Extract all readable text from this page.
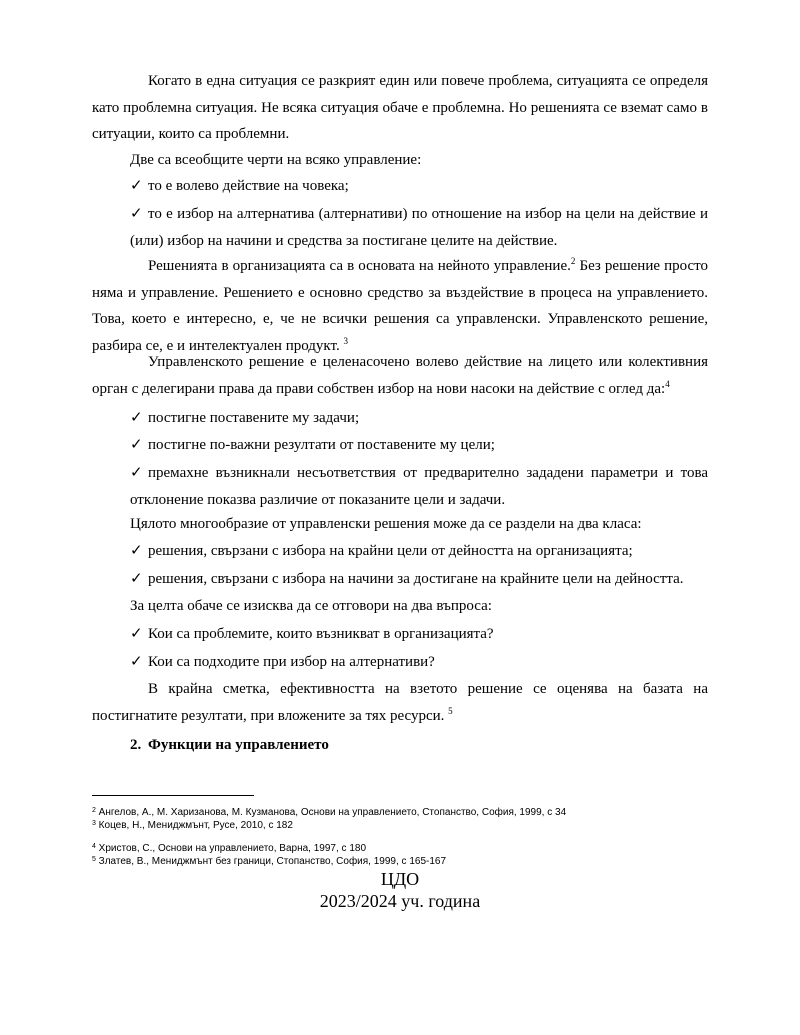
Когато в една ситуация се разкрият един или повече проблема, ситуацията се определя като проблемна ситуация. Не всяка ситуация обаче е проблемна. Но решенията се вземат само в ситуации, които са проблемни.

Две са всеобщите черти на всяко управление:

✓ то е волево действие на човека;

✓ то е избор на алтернатива (алтернативи) по отношение на избор на цели на действие и (или) избор на начини и средства за постигане целите на действие.

Решенията в организацията са в основата на нейното управление.$^2$ Без решение просто няма и управление. Решението е основно средство за въздействие в процеса на управлението. Това, което е интересно, е, че не всички решения са управленски. Управленското решение, разбира се, е и интелектуален продукт. $^3$

Управленското решение е целенасочено волево действие на лицето или колективния орган с делегирани права да прави собствен избор на нови насоки на действие с оглед да:$^4$

✓ постигне поставените му задачи;

✓ постигне по-важни резултати от поставените му цели;

✓ премахне възникнали несъответствия от предварително зададени параметри и това отклонение показва различие от показаните цели и задачи.

Цялото многообразие от управленски решения може да се раздели на два класа:

✓ решения, свързани с избора на крайни цели от дейността на организацията;

✓ решения, свързани с избора на начини за достигане на крайните цели на дейността.

За целта обаче се изисква да се отговори на два въпроса:

✓ Кои са проблемите, които възникват в организацията?

✓ Кои са подходите при избор на алтернативи?

В крайна сметка, ефективността на взетото решение се оценява на базата на постигнатите резултати, при вложените за тях ресурси. $^5$

2. Функции на управлението
$^2$ Ангелов, А., М. Харизанова, М. Кузманова, Основи на управлението, Стопанство, София, 1999, с 34
$^3$ Коцев, Н., Мениджмънт, Русе, 2010, с 182
$^4$ Христов, С., Основи на управлението, Варна, 1997, с 180
$^5$ Златев, В., Мениджмънт без граници, Стопанство, София, 1999, с 165-167
ЦДО
2023/2024 уч. година
